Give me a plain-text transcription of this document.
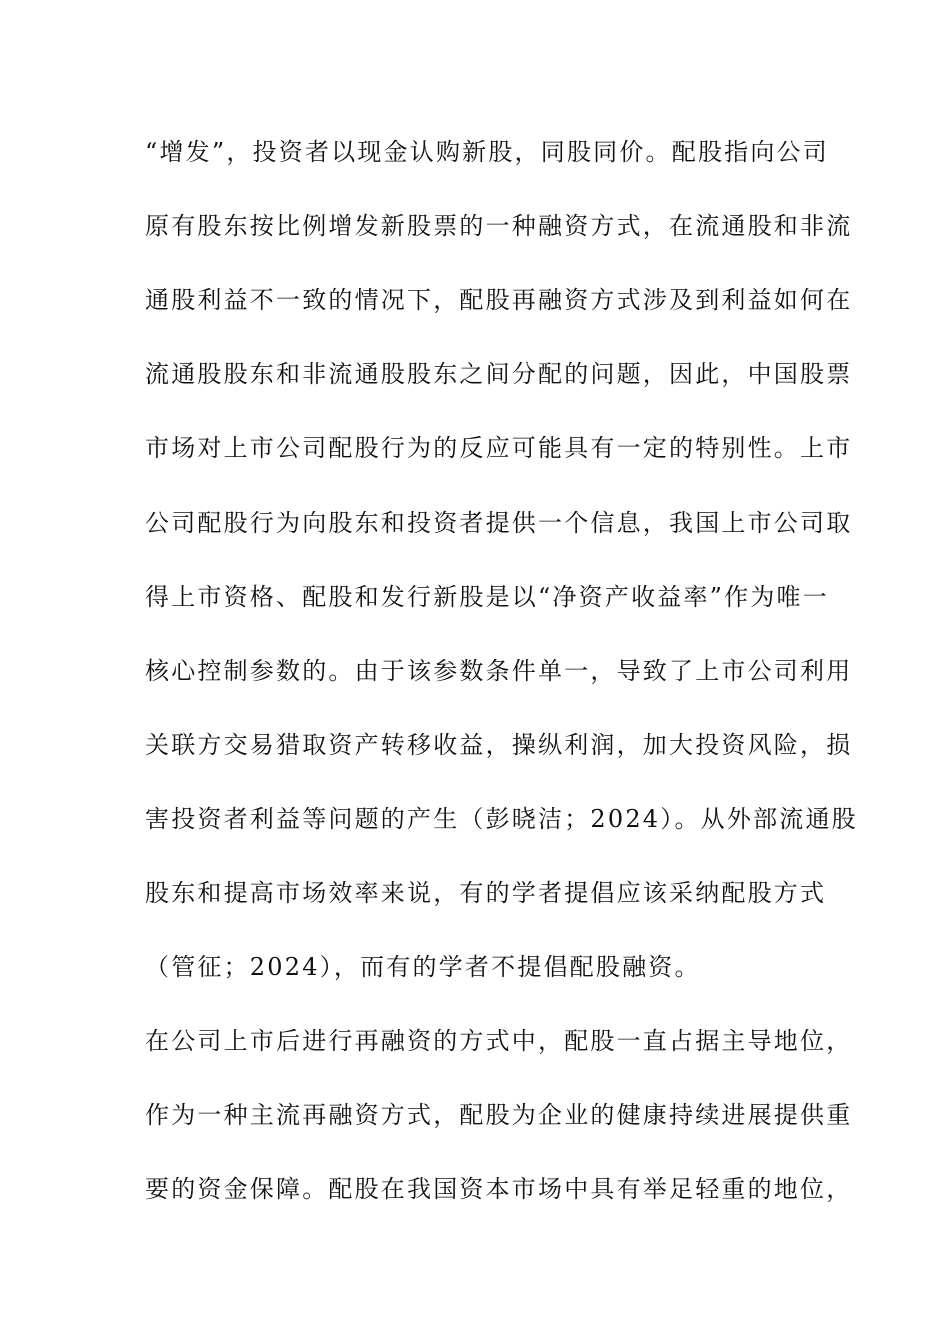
“增发”，投资者以现金认购新股，同股同价。配股指向公司
原有股东按比例增发新股票的一种融资方式，在流通股和非流
通股利益不一致的情况下，配股再融资方式涉及到利益如何在
流通股股东和非流通股股东之间分配的问题，因此，中国股票
市场对上市公司配股行为的反应可能具有一定的特别性。上市
公司配股行为向股东和投资者提供一个信息，我国上市公司取
得上市资格、配股和发行新股是以“净资产收益率”作为唯一
核心控制参数的。由于该参数条件单一，导致了上市公司利用
关联方交易猎取资产转移收益，操纵利润，加大投资风险，损
害投资者利益等问题的产生（彭晓洁；2024）。从外部流通股
股东和提高市场效率来说，有的学者提倡应该采纳配股方式
（管征；2024），而有的学者不提倡配股融资。
在公司上市后进行再融资的方式中，配股一直占据主导地位，
作为一种主流再融资方式，配股为企业的健康持续进展提供重
要的资金保障。配股在我国资本市场中具有举足轻重的地位，
